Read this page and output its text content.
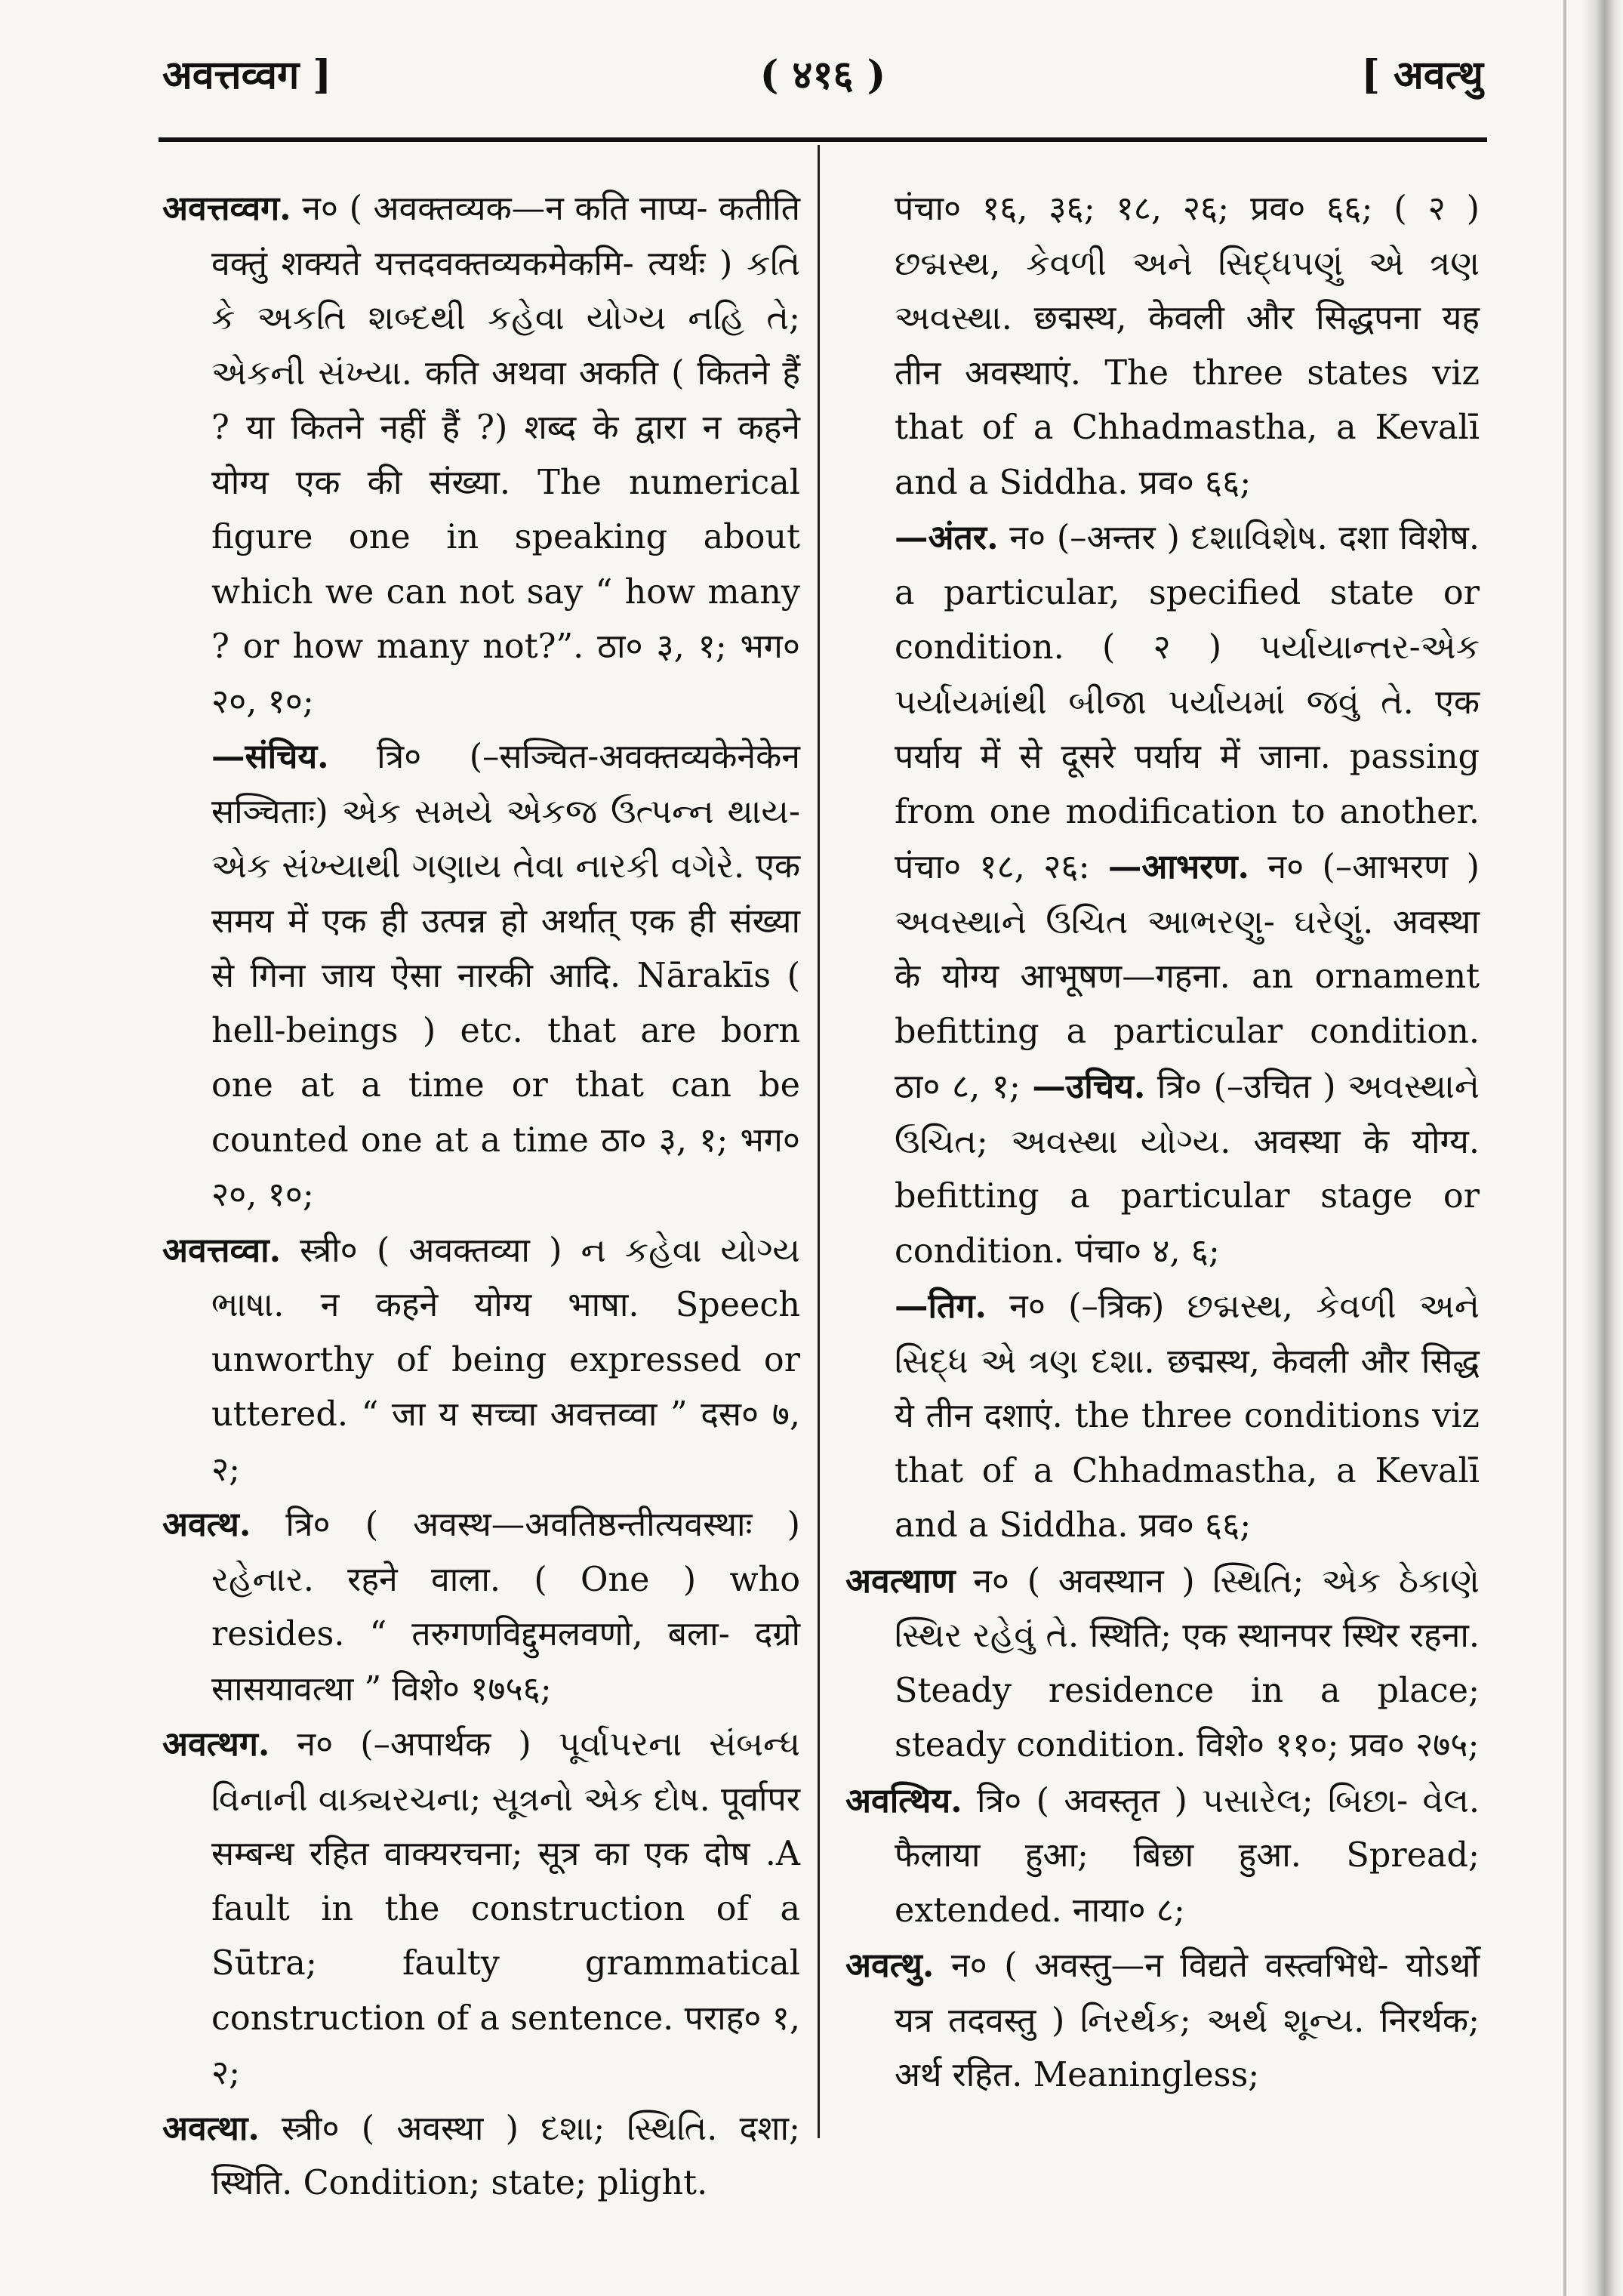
अवत्तव्वग ]	( ४१६ )	[ अवत्थु

अवत्तव्वग. न० ( अवक्तव्यक—न कति नाप्य- कतीति वक्तुं शक्यते यत्तदवक्तव्यकमेकमि- त्यर्थः ) કતિ કે અકતિ શબ્દથી કહેવા યોગ્ય નહિ તે; એકની સંખ્યા. कति अथवा अकति ( कितने हैं ? या कितने नहीं हैं ?) शब्द के द्वारा न कहने योग्य एक की संख्या. The numerical figure one in speaking about which we can not say “ how many ? or how many not?”. ठा० ३, १; भग० २०, १०;

—संचिय. त्रि० (–सञ्चित-अवक्तव्यकेनेकेन सञ्चिताः) એક સમયે એકજ ઉત્પન્ન થાય- એક સંખ્યાથી ગણાય તેવા નારકી વગેરે. एक समय में एक ही उत्पन्न हो अर्थात् एक ही संख्या से गिना जाय ऐसा नारकी आदि. Nārakīs ( hell-beings ) etc. that are born one at a time or that can be counted one at a time ठा० ३, १; भग० २०, १०;

अवत्तव्वा. स्त्री० ( अवक्तव्या ) ન કહેવા યોગ્ય ભાષા. न कहने योग्य भाषा. Speech unworthy of being expressed or uttered. “ जा य सच्चा अवत्तव्वा ” दस० ७, २;

अवत्थ. त्रि० ( अवस्थ—अवतिष्ठन्तीत्यवस्थाः ) રહેનાર. रहने वाला. ( One ) who resides. “ तरुगणविद्दुमलवणो, बला- दग्रो सासयावत्था ” विशे० १७५६;

अवत्थग. न० (–अपार्थक ) પૂર્વાપરના સંબન્ધ વિનાની વાક્યરચના; સૂત્રનો એક દોષ. पूर्वापर सम्बन्ध रहित वाक्यरचना; सूत्र का एक दोष .A fault in the construction of a Sūtra; faulty grammatical construction of a sentence. पराह० १, २;

अवत्था. स्त्री० ( अवस्था ) દશા; સ્થિતિ. दशा; स्थिति. Condition; state; plight.

पंचा० १६, ३६; १८, २६; प्रव० ६६; ( २ ) છદ્મસ્થ, કેવળી અને સિદ્ધપણું એ ત્રણ અવસ્થા. छद्मस्थ, केवली और सिद्धपना यह तीन अवस्थाएं. The three states viz that of a Chhadmastha, a Kevalī and a Siddha. प्रव० ६६;

—अंतर. न० (–अन्तर ) દશાવિશેષ. दशा विशेष. a particular, specified state or condition. ( २ ) પર્યાયાન્તર-એક પર્યાયમાંથી બીજા પર્યાયમાં જવું તે. एक पर्याय में से दूसरे पर्याय में जाना. passing from one modification to another. पंचा० १८, २६: —आभरण. न० (–आभरण ) અવસ્થાને ઉચિત આભરણુ- ઘરેણું. अवस्था के योग्य आभूषण—गहना. an ornament befitting a particular condition. ठा० ८, १; —उचिय. त्रि० (–उचित ) અવસ્થાને ઉચિત; અવસ્થા યોગ્ય. अवस्था के योग्य. befitting a particular stage or condition. पंचा० ४, ६;

—तिग. न० (–त्रिक) છદ્મસ્થ, કેવળી અને સિદ્ધ એ ત્રણ દશા. छद्मस्थ, केवली और सिद्ध ये तीन दशाएं. the three conditions viz that of a Chhadmastha, a Kevalī and a Siddha. प्रव० ६६;

अवत्थाण न० ( अवस्थान ) સ્થિતિ; એક ઠેકાણે સ્થિર રહેવું તે. स्थिति; एक स्थानपर स्थिर रहना. Steady residence in a place; steady condition. विशे० ११०; प्रव० २७५;

अवत्थिय. त्रि० ( अवस्तृत ) પસારેલ; બિછા- વેલ. फैलाया हुआ; बिछा हुआ. Spread; extended. नाया० ८;

अवत्थु. न० ( अवस्तु—न विद्यते वस्त्वभिधे- योऽर्थो यत्र तदवस्तु ) નિરર્થક; અર્થ શૂન્ય. निरर्थक; अर्थ रहित. Meaningless;
